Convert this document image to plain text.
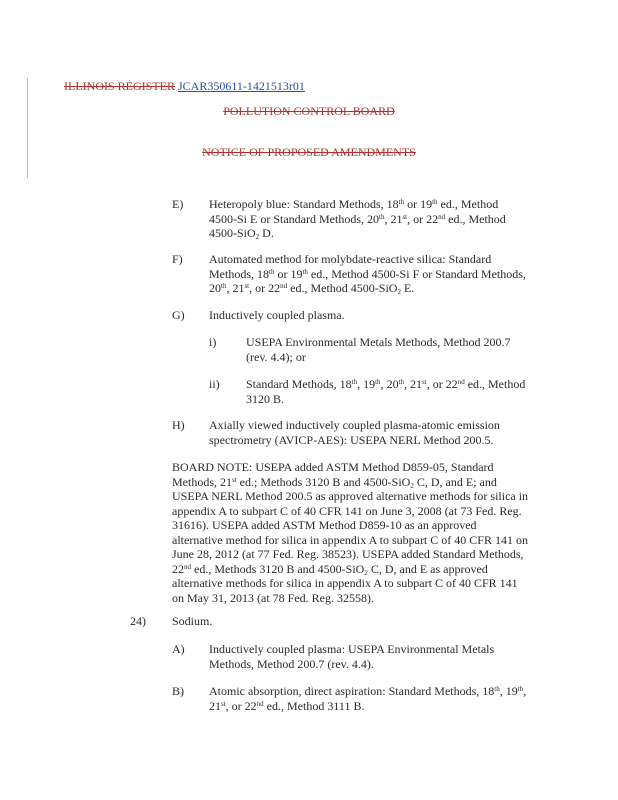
ILLINOIS REGISTER JCAR350611-1421513r01
POLLUTION CONTROL BOARD
NOTICE OF PROPOSED AMENDMENTS
E) Heteropoly blue: Standard Methods, 18th or 19th ed., Method
4500-Si E or Standard Methods, 20th, 21st, or 22nd ed., Method
4500-SiO$_2$ D.
F) Automated method for molybdate-reactive silica: Standard
Methods, 18th or 19th ed., Method 4500-Si F or Standard Methods,
20th, 21st, or 22nd ed., Method 4500-SiO$_2$ E.
G) Inductively coupled plasma.
i) USEPA Environmental Metals Methods, Method 200.7
(rev. 4.4); or
ii) Standard Methods, 18th, 19th, 20th, 21st, or 22nd ed., Method
3120 B.
H) Axially viewed inductively coupled plasma-atomic emission
spectrometry (AVICP-AES): USEPA NERL Method 200.5.
BOARD NOTE: USEPA added ASTM Method D859-05, Standard
Methods, 21st ed.; Methods 3120 B and 4500-SiO$_2$ C, D, and E; and
USEPA NERL Method 200.5 as approved alternative methods for silica in
appendix A to subpart C of 40 CFR 141 on June 3, 2008 (at 73 Fed. Reg.
31616). USEPA added ASTM Method D859-10 as an approved
alternative method for silica in appendix A to subpart C of 40 CFR 141 on
June 28, 2012 (at 77 Fed. Reg. 38523). USEPA added Standard Methods,
22nd ed., Methods 3120 B and 4500-SiO$_2$ C, D, and E as approved
alternative methods for silica in appendix A to subpart C of 40 CFR 141
on May 31, 2013 (at 78 Fed. Reg. 32558).
24) Sodium.
A) Inductively coupled plasma: USEPA Environmental Metals
Methods, Method 200.7 (rev. 4.4).
B) Atomic absorption, direct aspiration: Standard Methods, 18th, 19th,
21st, or 22nd ed., Method 3111 B.
